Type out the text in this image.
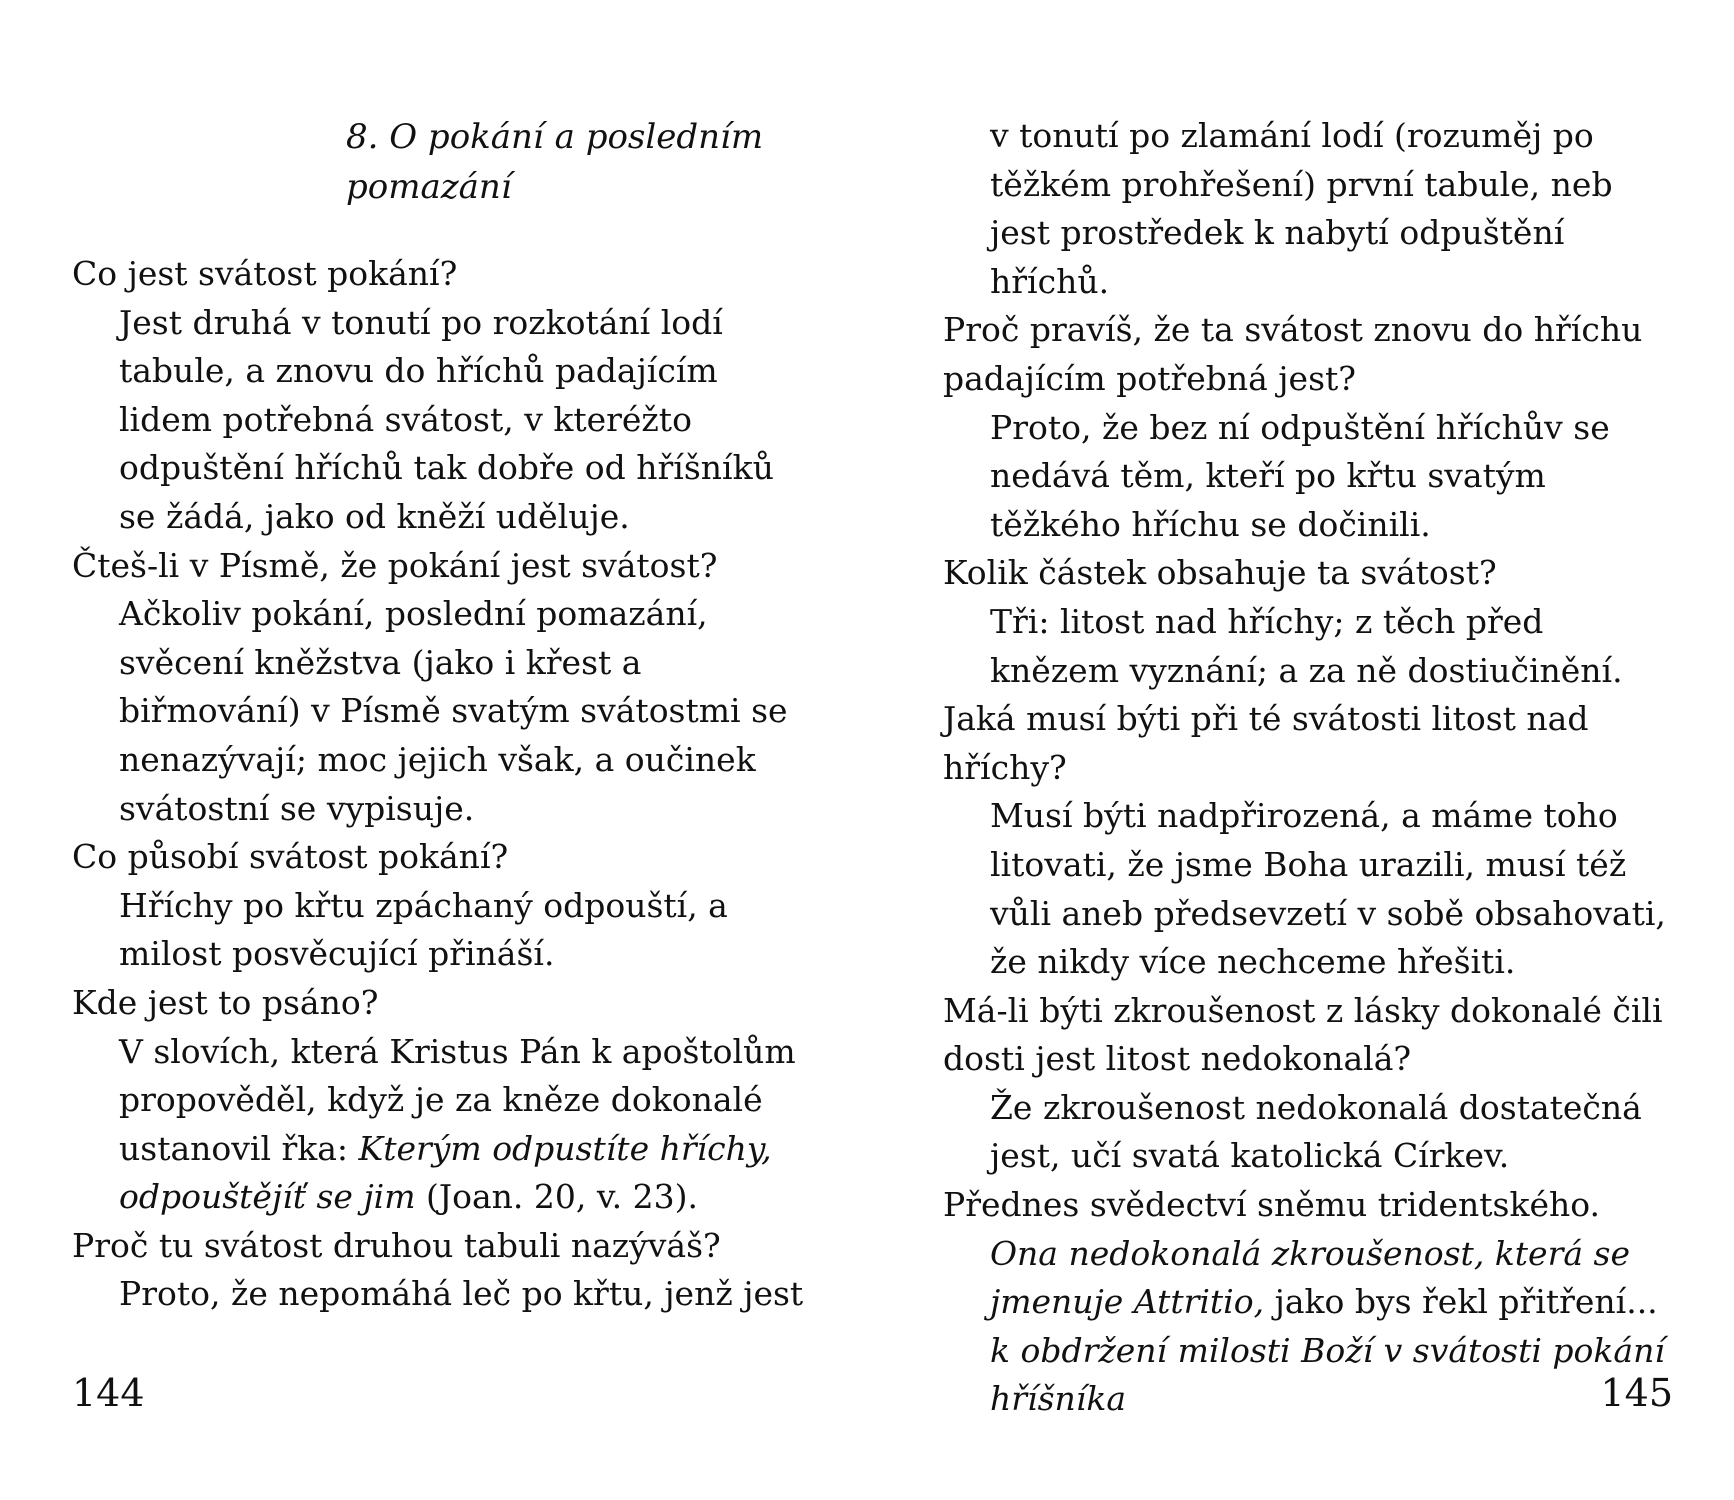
8. O pokání a posledním pomazání
Co jest svátost pokání?
Jest druhá v tonutí po rozkotání lodí tabule, a znovu do hříchů padajícím lidem potřebná svátost, v kteréžto odpuštění hříchů tak dobře od hříšníků se žádá, jako od kněží uděluje.
Čteš-li v Písmě, že pokání jest svátost?
Ačkoliv pokání, poslední pomazání, svěcení kněžstva (jako i křest a biřmování) v Písmě svatým svátostmi se nenazývají; moc jejich však, a oučinek svátostní se vypisuje.
Co působí svátost pokání?
Hříchy po křtu zpáchaný odpouští, a milost posvěcující přináší.
Kde jest to psáno?
V slovích, která Kristus Pán k apoštolům propověděl, když je za kněze dokonalé ustanovil řka: Kterým odpustíte hříchy, odpouštějíť se jim (Joan. 20, v. 23).
Proč tu svátost druhou tabuli nazýváš?
Proto, že nepomáhá leč po křtu, jenž jest
144
v tonutí po zlamání lodí (rozuměj po těžkém prohřešení) první tabule, neb jest prostředek k nabytí odpuštění hříchů.
Proč pravíš, že ta svátost znovu do hříchu padajícím potřebná jest?
Proto, že bez ní odpuštění hříchův se nedává těm, kteří po křtu svatým těžkého hříchu se dočinili.
Kolik částek obsahuje ta svátost?
Tři: litost nad hříchy; z těch před knězem vyznání; a za ně dostiučinění.
Jaká musí býti při té svátosti litost nad hříchy?
Musí býti nadpřirozená, a máme toho litovati, že jsme Boha urazili, musí též vůli aneb předsevzetí v sobě obsahovati, že nikdy více nechceme hřešiti.
Má-li býti zkroušenost z lásky dokonalé čili dosti jest litost nedokonalá?
Že zkroušenost nedokonalá dostatečná jest, učí svatá katolická Církev.
Přednes svědectví sněmu tridentského.
Ona nedokonalá zkroušenost, která se jmenuje Attritio, jako bys řekl přitření... k obdržení milosti Boží v svátosti pokání hříšníka	145
